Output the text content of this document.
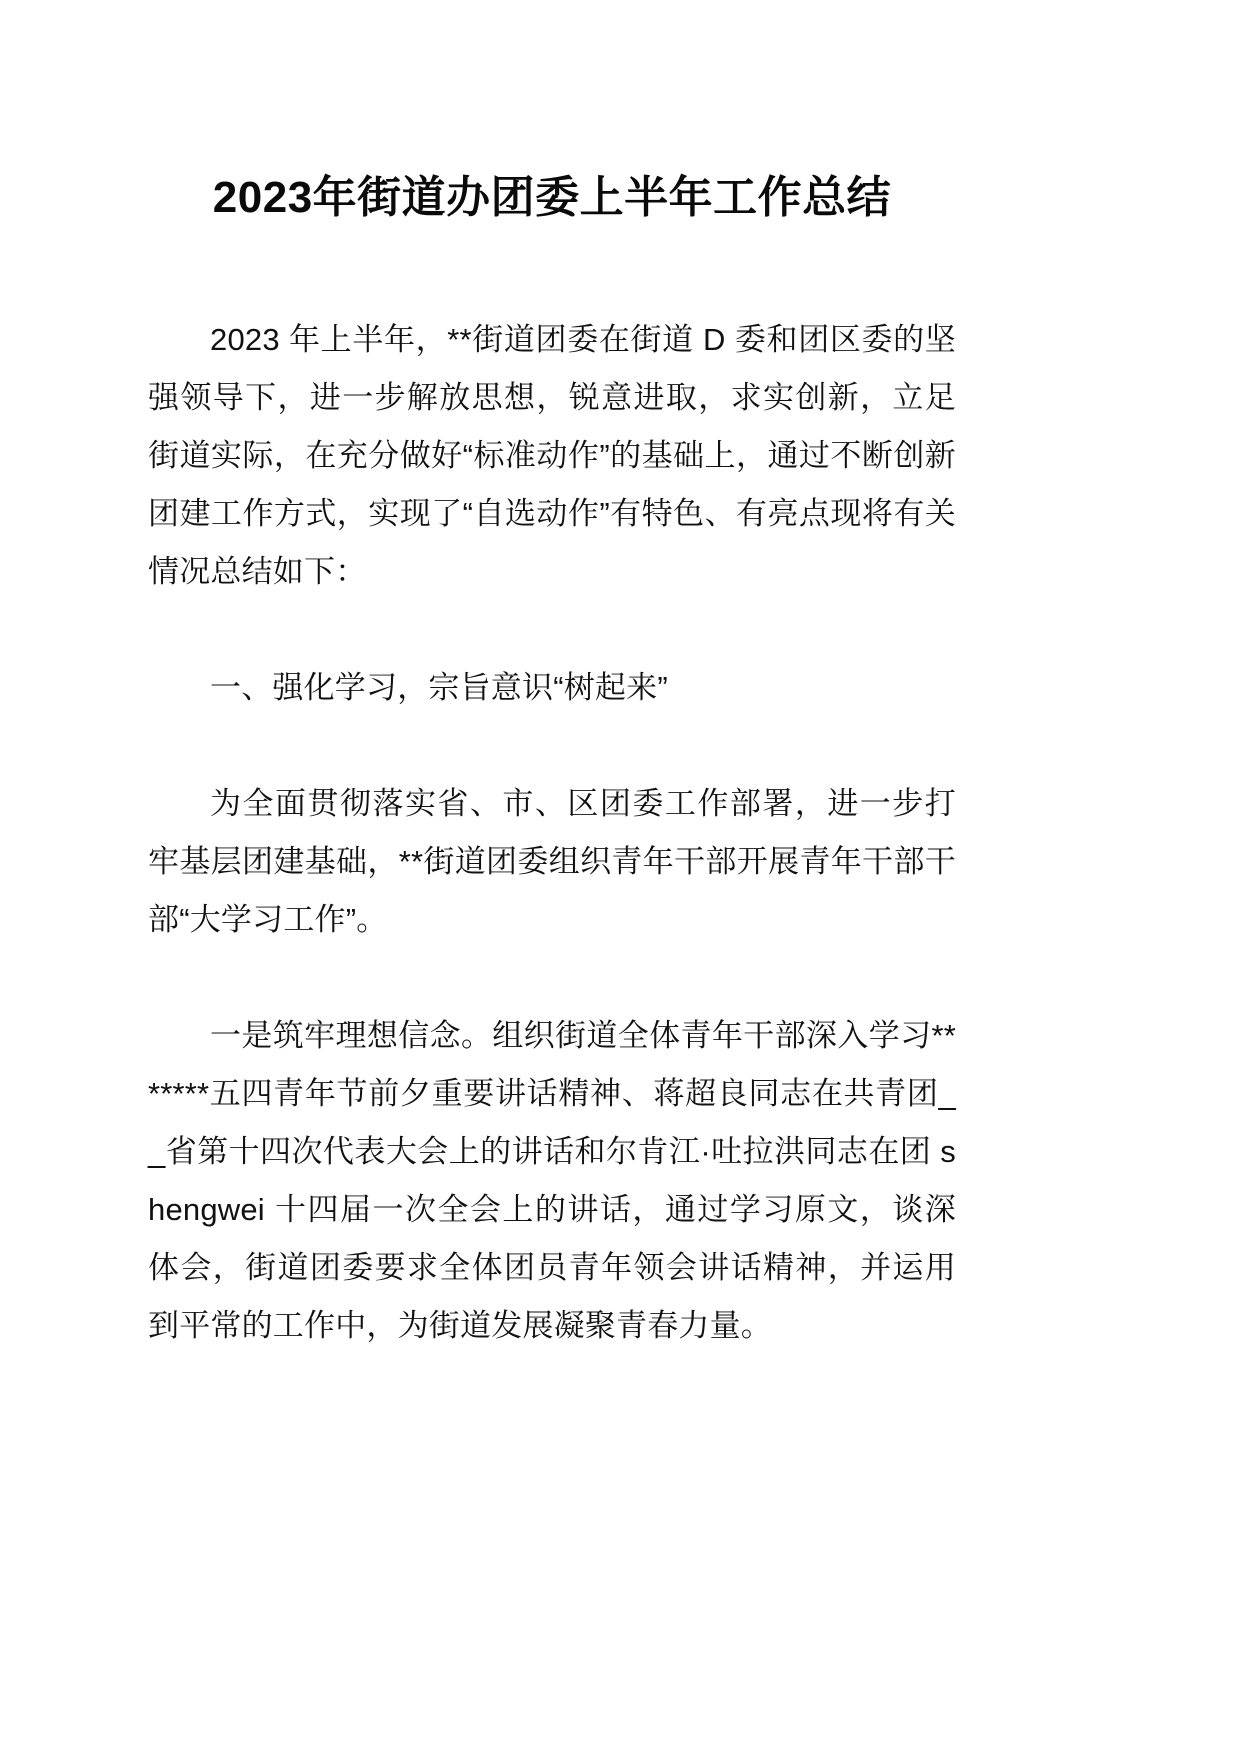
2023年街道办团委上半年工作总结

2023 年上半年，**街道团委在街道 D 委和团区委的坚强领导下，进一步解放思想，锐意进取，求实创新，立足街道实际，在充分做好“标准动作”的基础上，通过不断创新团建工作方式，实现了“自选动作”有特色、有亮点现将有关情况总结如下：

一、强化学习，宗旨意识“树起来”

为全面贯彻落实省、市、区团委工作部署，进一步打牢基层团建基础，**街道团委组织青年干部开展青年干部干部“大学习工作”。

一是筑牢理想信念。组织街道全体青年干部深入学习*******五四青年节前夕重要讲话精神、蒋超良同志在共青团__省第十四次代表大会上的讲话和尔肯江·吐拉洪同志在团 shengwei 十四届一次全会上的讲话，通过学习原文，谈深体会，街道团委要求全体团员青年领会讲话精神，并运用到平常的工作中，为街道发展凝聚青春力量。
